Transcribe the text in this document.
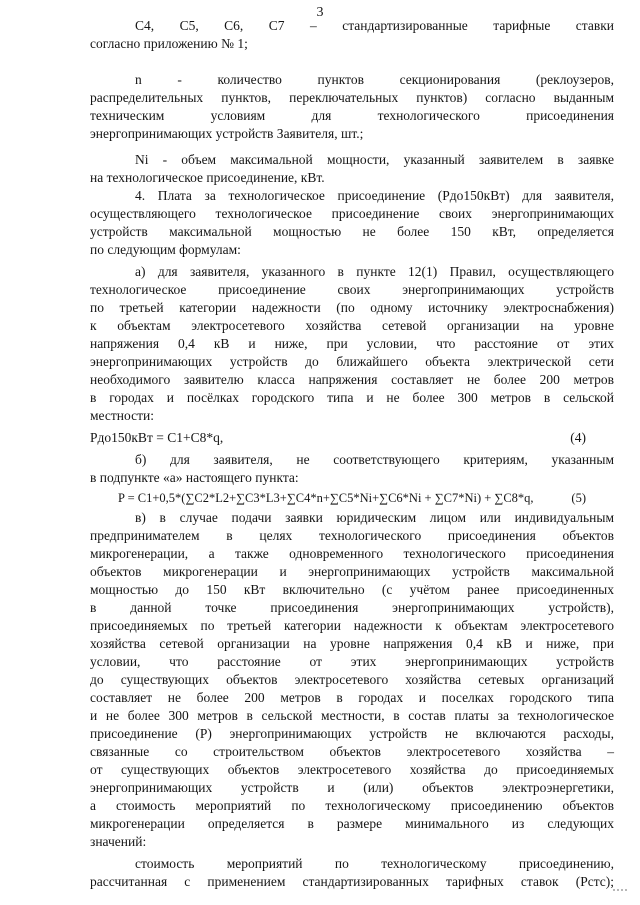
3
C4, C5, C6, C7 – стандартизированные тарифные ставки
согласно приложению № 1;
n - количество пунктов секционирования (реклоузеров,
распределительных пунктов, переключательных пунктов) согласно выданным
техническим условиям для технологического присоединения
энергопринимающих устройств Заявителя, шт.;
Ni - объем максимальной мощности, указанный заявителем в заявке
на технологическое присоединение, кВт.
4. Плата за технологическое присоединение (Pдо150кВт) для заявителя,
осуществляющего технологическое присоединение своих энергопринимающих
устройств максимальной мощностью не более 150 кВт, определяется
по следующим формулам:
а) для заявителя, указанного в пункте 12(1) Правил, осуществляющего
технологическое присоединение своих энергопринимающих устройств
по третьей категории надежности (по одному источнику электроснабжения)
к объектам электросетевого хозяйства сетевой организации на уровне
напряжения 0,4 кВ и ниже, при условии, что расстояние от этих
энергопринимающих устройств до ближайшего объекта электрической сети
необходимого заявителю класса напряжения составляет не более 200 метров
в городах и посёлках городского типа и не более 300 метров в сельской
местности:
Pдо150кВт = C1+C8*q,	(4)
б) для заявителя, не соответствующего критериям, указанным
в подпункте «а» настоящего пункта:
P = C1+0,5*(∑C2*L2+∑C3*L3+∑C4*n+∑C5*Ni+∑C6*Ni + ∑C7*Ni) + ∑C8*q,	(5)
в) в случае подачи заявки юридическим лицом или индивидуальным
предпринимателем в целях технологического присоединения объектов
микрогенерации, а также одновременного технологического присоединения
объектов микрогенерации и энергопринимающих устройств максимальной
мощностью до 150 кВт включительно (с учётом ранее присоединенных
в данной точке присоединения энергопринимающих устройств),
присоединяемых по третьей категории надежности к объектам электросетевого
хозяйства сетевой организации на уровне напряжения 0,4 кВ и ниже, при
условии, что расстояние от этих энергопринимающих устройств
до существующих объектов электросетевого хозяйства сетевых организаций
составляет не более 200 метров в городах и поселках городского типа
и не более 300 метров в сельской местности, в состав платы за технологическое
присоединение (P) энергопринимающих устройств не включаются расходы,
связанные со строительством объектов электросетевого хозяйства –
от существующих объектов электросетевого хозяйства до присоединяемых
энергопринимающих устройств и (или) объектов электроэнергетики,
а стоимость мероприятий по технологическому присоединению объектов
микрогенерации определяется в размере минимального из следующих
значений:
стоимость мероприятий по технологическому присоединению,
рассчитанная с применением стандартизированных тарифных ставок (Рстс);
